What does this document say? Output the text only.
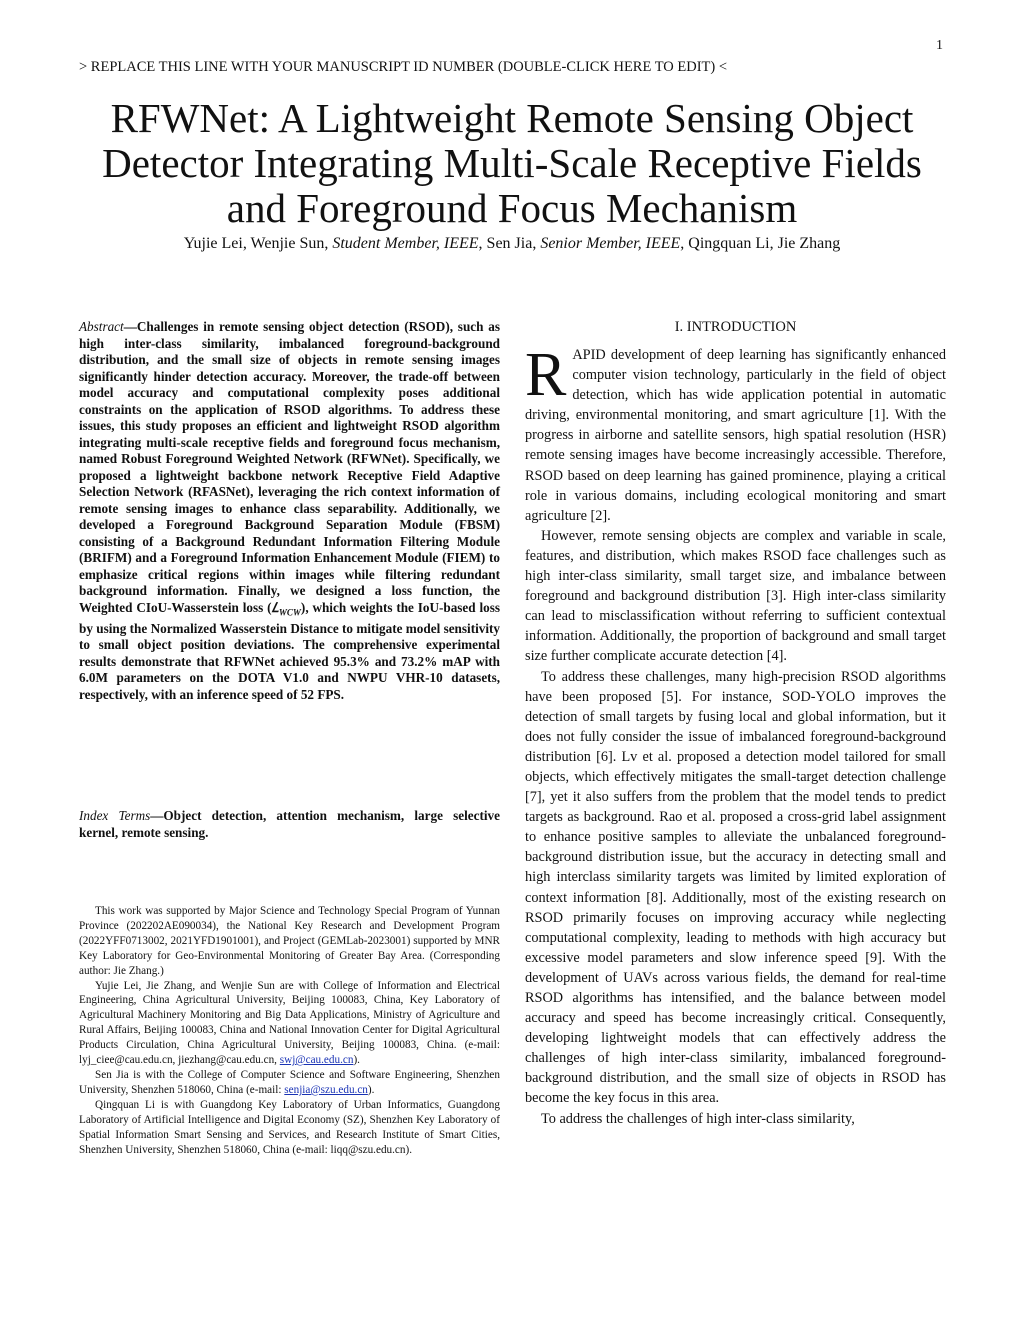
1
> REPLACE THIS LINE WITH YOUR MANUSCRIPT ID NUMBER (DOUBLE-CLICK HERE TO EDIT) <
RFWNet: A Lightweight Remote Sensing Object
Detector Integrating Multi-Scale Receptive Fields
and Foreground Focus Mechanism
Yujie Lei, Wenjie Sun, Student Member, IEEE, Sen Jia, Senior Member, IEEE, Qingquan Li, Jie Zhang
Abstract—Challenges in remote sensing object detection (RSOD), such as high inter-class similarity, imbalanced foreground-background distribution, and the small size of objects in remote sensing images significantly hinder detection accuracy. Moreover, the trade-off between model accuracy and computational complexity poses additional constraints on the application of RSOD algorithms. To address these issues, this study proposes an efficient and lightweight RSOD algorithm integrating multi-scale receptive fields and foreground focus mechanism, named Robust Foreground Weighted Network (RFWNet). Specifically, we proposed a lightweight backbone network Receptive Field Adaptive Selection Network (RFASNet), leveraging the rich context information of remote sensing images to enhance class separability. Additionally, we developed a Foreground Background Separation Module (FBSM) consisting of a Background Redundant Information Filtering Module (BRIFM) and a Foreground Information Enhancement Module (FIEM) to emphasize critical regions within images while filtering redundant background information. Finally, we designed a loss function, the Weighted CIoU-Wasserstein loss (𝐿$_{WCW}$), which weights the IoU-based loss by using the Normalized Wasserstein Distance to mitigate model sensitivity to small object position deviations. The comprehensive experimental results demonstrate that RFWNet achieved 95.3% and 73.2% mAP with 6.0M parameters on the DOTA V1.0 and NWPU VHR-10 datasets, respectively, with an inference speed of 52 FPS.
Index Terms—Object detection, attention mechanism, large selective kernel, remote sensing.

This work was supported by Major Science and Technology Special Program of Yunnan Province (202202AE090034), the National Key Research and Development Program (2022YFF0713002, 2021YFD1901001), and Project (GEMLab-2023001) supported by MNR Key Laboratory for Geo-Environmental Monitoring of Greater Bay Area. (Corresponding author: Jie Zhang.)

Yujie Lei, Jie Zhang, and Wenjie Sun are with College of Information and Electrical Engineering, China Agricultural University, Beijing 100083, China, Key Laboratory of Agricultural Machinery Monitoring and Big Data Applications, Ministry of Agriculture and Rural Affairs, Beijing 100083, China and National Innovation Center for Digital Agricultural Products Circulation, China Agricultural University, Beijing 100083, China. (e-mail: lyj_ciee@cau.edu.cn, jiezhang@cau.edu.cn, swj@cau.edu.cn).

Sen Jia is with the College of Computer Science and Software Engineering, Shenzhen University, Shenzhen 518060, China (e-mail: senjia@szu.edu.cn).

Qingquan Li is with Guangdong Key Laboratory of Urban Informatics, Guangdong Laboratory of Artificial Intelligence and Digital Economy (SZ), Shenzhen Key Laboratory of Spatial Information Smart Sensing and Services, and Research Institute of Smart Cities, Shenzhen University, Shenzhen 518060, China (e-mail: liqq@szu.edu.cn).

I. INTRODUCTION

RAPID development of deep learning has significantly enhanced computer vision technology, particularly in the field of object detection, which has wide application potential in automatic driving, environmental monitoring, and smart agriculture [1]. With the progress in airborne and satellite sensors, high spatial resolution (HSR) remote sensing images have become increasingly accessible. Therefore, RSOD based on deep learning has gained prominence, playing a critical role in various domains, including ecological monitoring and smart agriculture [2].

However, remote sensing objects are complex and variable in scale, features, and distribution, which makes RSOD face challenges such as high inter-class similarity, small target size, and imbalance between foreground and background distribution [3]. High inter-class similarity can lead to misclassification without referring to sufficient contextual information. Additionally, the proportion of background and small target size further complicate accurate detection [4].

To address these challenges, many high-precision RSOD algorithms have been proposed [5]. For instance, SOD-YOLO improves the detection of small targets by fusing local and global information, but it does not fully consider the issue of imbalanced foreground-background distribution [6]. Lv et al. proposed a detection model tailored for small objects, which effectively mitigates the small-target detection challenge [7], yet it also suffers from the problem that the model tends to predict targets as background. Rao et al. proposed a cross-grid label assignment to enhance positive samples to alleviate the unbalanced foreground-background distribution issue, but the accuracy in detecting small and high interclass similarity targets was limited by limited exploration of context information [8]. Additionally, most of the existing research on RSOD primarily focuses on improving accuracy while neglecting computational complexity, leading to methods with high accuracy but excessive model parameters and slow inference speed [9]. With the development of UAVs across various fields, the demand for real-time RSOD algorithms has intensified, and the balance between model accuracy and speed has become increasingly critical. Consequently, developing lightweight models that can effectively address the challenges of high inter-class similarity, imbalanced foreground-background distribution, and the small size of objects in RSOD has become the key focus in this area.

To address the challenges of high inter-class similarity,
